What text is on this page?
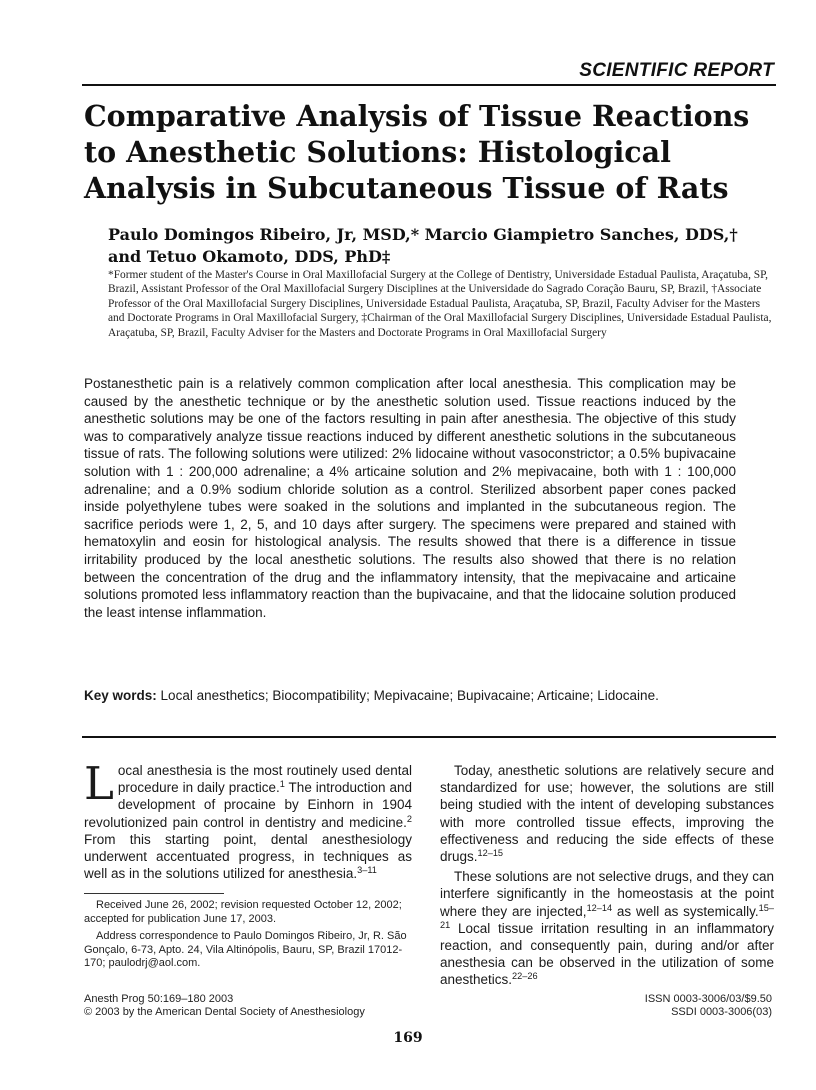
SCIENTIFIC REPORT
Comparative Analysis of Tissue Reactions to Anesthetic Solutions: Histological Analysis in Subcutaneous Tissue of Rats

Paulo Domingos Ribeiro, Jr, MSD,* Marcio Giampietro Sanches, DDS,† and Tetuo Okamoto, DDS, PhD‡

*Former student of the Master's Course in Oral Maxillofacial Surgery at the College of Dentistry, Universidade Estadual Paulista, Araçatuba, SP, Brazil, Assistant Professor of the Oral Maxillofacial Surgery Disciplines at the Universidade do Sagrado Coração Bauru, SP, Brazil, †Associate Professor of the Oral Maxillofacial Surgery Disciplines, Universidade Estadual Paulista, Araçatuba, SP, Brazil, Faculty Adviser for the Masters and Doctorate Programs in Oral Maxillofacial Surgery, ‡Chairman of the Oral Maxillofacial Surgery Disciplines, Universidade Estadual Paulista, Araçatuba, SP, Brazil, Faculty Adviser for the Masters and Doctorate Programs in Oral Maxillofacial Surgery

Postanesthetic pain is a relatively common complication after local anesthesia. This complication may be caused by the anesthetic technique or by the anesthetic solution used. Tissue reactions induced by the anesthetic solutions may be one of the factors resulting in pain after anesthesia. The objective of this study was to comparatively analyze tissue reactions induced by different anesthetic solutions in the subcutaneous tissue of rats. The following solutions were utilized: 2% lidocaine without vasoconstrictor; a 0.5% bupivacaine solution with 1 : 200,000 adrenaline; a 4% articaine solution and 2% mepivacaine, both with 1 : 100,000 adrenaline; and a 0.9% sodium chloride solution as a control. Sterilized absorbent paper cones packed inside polyethylene tubes were soaked in the solutions and implanted in the subcutaneous region. The sacrifice periods were 1, 2, 5, and 10 days after surgery. The specimens were prepared and stained with hematoxylin and eosin for histological analysis. The results showed that there is a difference in tissue irritability produced by the local anesthetic solutions. The results also showed that there is no relation between the concentration of the drug and the inflammatory intensity, that the mepivacaine and articaine solutions promoted less inflammatory reaction than the bupivacaine, and that the lidocaine solution produced the least intense inflammation.

Key words: Local anesthetics; Biocompatibility; Mepivacaine; Bupivacaine; Articaine; Lidocaine.

Local anesthesia is the most routinely used dental procedure in daily practice.$^1$ The introduction and development of procaine by Einhorn in 1904 revolutionized pain control in dentistry and medicine.$^2$ From this starting point, dental anesthesiology underwent accentuated progress, in techniques as well as in the solutions utilized for anesthesia.$^{3-11}$

Today, anesthetic solutions are relatively secure and standardized for use; however, the solutions are still being studied with the intent of developing substances with more controlled tissue effects, improving the effectiveness and reducing the side effects of these drugs.$^{12-15}$

These solutions are not selective drugs, and they can interfere significantly in the homeostasis at the point where they are injected,$^{12-14}$ as well as systemically.$^{15-21}$ Local tissue irritation resulting in an inflammatory reaction, and consequently pain, during and/or after anesthesia can be observed in the utilization of some anesthetics.$^{22-26}$

Received June 26, 2002; revision requested October 12, 2002; accepted for publication June 17, 2003.

Address correspondence to Paulo Domingos Ribeiro, Jr, R. São Gonçalo, 6-73, Apto. 24, Vila Altinópolis, Bauru, SP, Brazil 17012-170; paulodrj@aol.com.

Anesth Prog 50:169–180 2003
© 2003 by the American Dental Society of Anesthesiology
ISSN 0003-3006/03/$9.50
SSDI 0003-3006(03)
169
